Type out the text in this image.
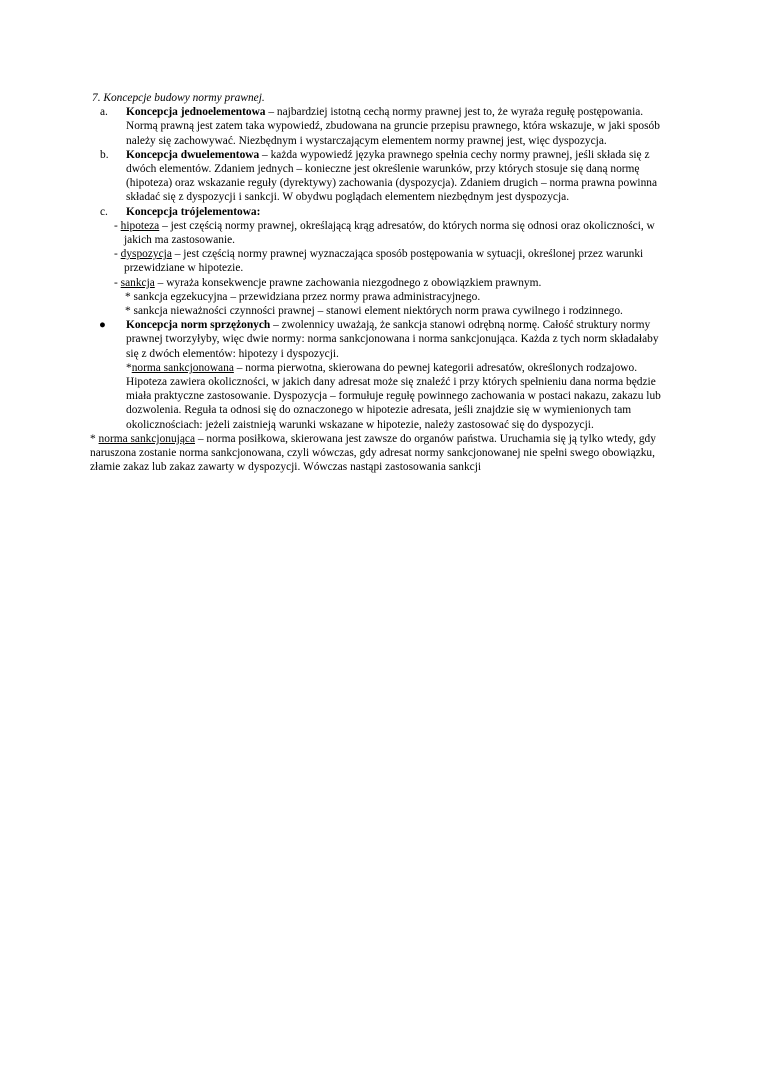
7. Koncepcje budowy normy prawnej.
a. Koncepcja jednoelementowa – najbardziej istotną cechą normy prawnej jest to, że wyraża regułę postępowania. Normą prawną jest zatem taka wypowiedź, zbudowana na gruncie przepisu prawnego, która wskazuje, w jaki sposób należy się zachowywać. Niezbędnym i wystarczającym elementem normy prawnej jest, więc dyspozycja.
b. Koncepcja dwuelementowa – każda wypowiedź języka prawnego spełnia cechy normy prawnej, jeśli składa się z dwóch elementów. Zdaniem jednych – konieczne jest określenie warunków, przy których stosuje się daną normę (hipoteza) oraz wskazanie reguły (dyrektywy) zachowania (dyspozycja). Zdaniem drugich – norma prawna powinna składać się z dyspozycji i sankcji. W obydwu poglądach elementem niezbędnym jest dyspozycja.
c. Koncepcja trójelementowa:
- hipoteza – jest częścią normy prawnej, określającą krąg adresatów, do których norma się odnosi oraz okoliczności, w jakich ma zastosowanie.
- dyspozycja – jest częścią normy prawnej wyznaczająca sposób postępowania w sytuacji, określonej przez warunki przewidziane w hipotezie.
- sankcja – wyraża konsekwencje prawne zachowania niezgodnego z obowiązkiem prawnym.
* sankcja egzekucyjna – przewidziana przez normy prawa administracyjnego.
* sankcja nieważności czynności prawnej – stanowi element niektórych norm prawa cywilnego i rodzinnego.
● Koncepcja norm sprzężonych – zwolennicy uważają, że sankcja stanowi odrębną normę. Całość struktury normy prawnej tworzyłyby, więc dwie normy: norma sankcjonowana i norma sankcjonująca. Każda z tych norm składałaby się z dwóch elementów: hipotezy i dyspozycji.
*norma sankcjonowana – norma pierwotna, skierowana do pewnej kategorii adresatów, określonych rodzajowo. Hipoteza zawiera okoliczności, w jakich dany adresat może się znaleźć i przy których spełnieniu dana norma będzie miała praktyczne zastosowanie. Dyspozycja – formułuje regułę powinnego zachowania w postaci nakazu, zakazu lub dozwolenia. Reguła ta odnosi się do oznaczonego w hipotezie adresata, jeśli znajdzie się w wymienionych tam okolicznościach: jeżeli zaistnieją warunki wskazane w hipotezie, należy zastosować się do dyspozycji.
* norma sankcjonująca – norma posiłkowa, skierowana jest zawsze do organów państwa. Uruchamia się ją tylko wtedy, gdy naruszona zostanie norma sankcjonowana, czyli wówczas, gdy adresat normy sankcjonowanej nie spełni swego obowiązku, złamie zakaz lub zakaz zawarty w dyspozycji. Wówczas nastąpi zastosowania sankcji
